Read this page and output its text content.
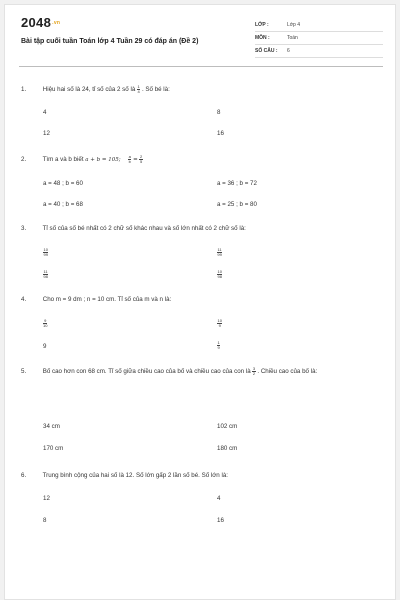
$2048^{.vn}$
Bài tập cuối tuần Toán lớp 4 Tuần 29 có đáp án (Đề 2)
LỚP :	Lớp 4
MÔN :	Toán
SỐ CÂU : 6
1.	Hiệu hai số là 24, tỉ số của 2 số là $\frac{1}{4}$ . Số bé là:
4	8
12	16
2.	Tìm a và b biết a + b = 105; $\frac{a}{b} = \frac{2}{5}$
a = 48 ; b = 60	a = 36 ; b = 72
a = 40 ; b = 68	a = 25 ; b = 80
3.	Tỉ số của số bé nhất có 2 chữ số khác nhau và số lớn nhất có 2 chữ số là:
$\frac{10}{99}$	$\frac{11}{99}$
$\frac{11}{98}$	$\frac{10}{98}$
4.	Cho m = 9 dm ; n = 10 cm. Tỉ số của m và n là:
$\frac{9}{10}$	$\frac{10}{9}$
9	$\frac{1}{9}$
5.	Bố cao hơn con 68 cm. Tỉ số giữa chiều cao của bố và chiều cao của con là $\frac{3}{2}$ . Chiều cao của bố là:
34 cm	102 cm
170 cm	180 cm
6.	Trung bình cộng của hai số là 12. Số lớn gấp 2 lần số bé. Số lớn là:
12	4
8	16
